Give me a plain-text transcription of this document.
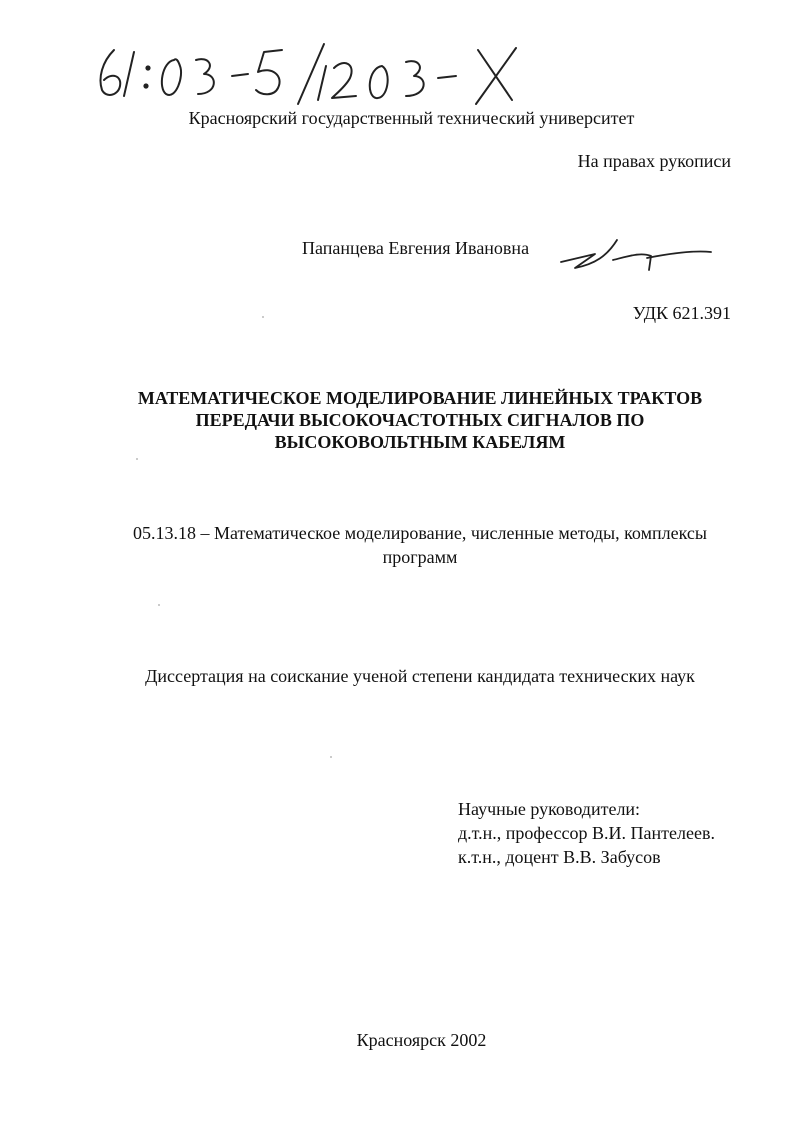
Красноярский государственный технический университет
На правах рукописи
Папанцева Евгения Ивановна
УДК 621.391
МАТЕМАТИЧЕСКОЕ МОДЕЛИРОВАНИЕ ЛИНЕЙНЫХ ТРАКТОВ
ПЕРЕДАЧИ ВЫСОКОЧАСТОТНЫХ СИГНАЛОВ ПО
ВЫСОКОВОЛЬТНЫМ КАБЕЛЯМ
05.13.18 – Математическое моделирование, численные методы, комплексы
программ
Диссертация на соискание ученой степени кандидата технических наук
Научные руководители:
д.т.н., профессор В.И. Пантелеев.
к.т.н., доцент В.В. Забусов
Красноярск 2002
